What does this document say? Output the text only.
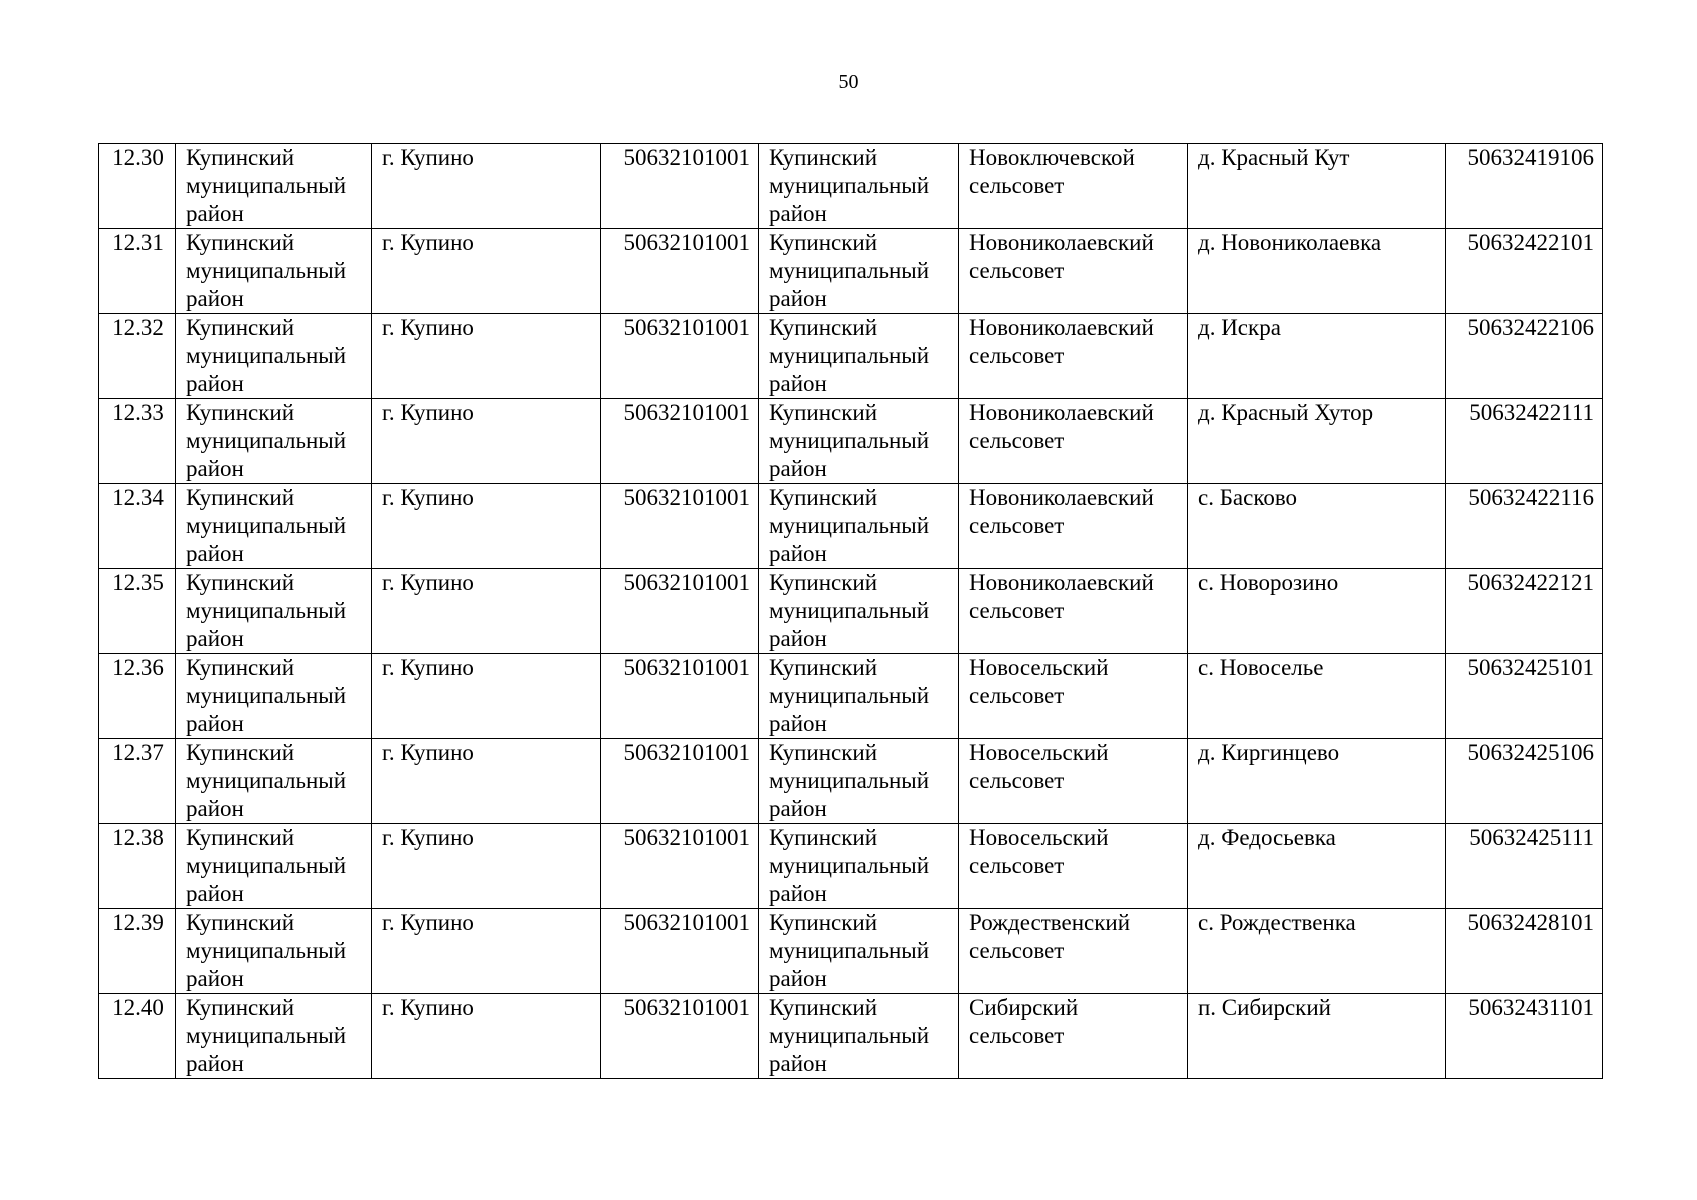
50
12.30	Купинский муниципальный район	г. Купино	50632101001	Купинский муниципальный район	Новоключевской сельсовет	д. Красный Кут	50632419106
12.31	Купинский муниципальный район	г. Купино	50632101001	Купинский муниципальный район	Новониколаевский сельсовет	д. Новониколаевка	50632422101
12.32	Купинский муниципальный район	г. Купино	50632101001	Купинский муниципальный район	Новониколаевский сельсовет	д. Искра	50632422106
12.33	Купинский муниципальный район	г. Купино	50632101001	Купинский муниципальный район	Новониколаевский сельсовет	д. Красный Хутор	50632422111
12.34	Купинский муниципальный район	г. Купино	50632101001	Купинский муниципальный район	Новониколаевский сельсовет	с. Басково	50632422116
12.35	Купинский муниципальный район	г. Купино	50632101001	Купинский муниципальный район	Новониколаевский сельсовет	с. Новорозино	50632422121
12.36	Купинский муниципальный район	г. Купино	50632101001	Купинский муниципальный район	Новосельский сельсовет	с. Новоселье	50632425101
12.37	Купинский муниципальный район	г. Купино	50632101001	Купинский муниципальный район	Новосельский сельсовет	д. Киргинцево	50632425106
12.38	Купинский муниципальный район	г. Купино	50632101001	Купинский муниципальный район	Новосельский сельсовет	д. Федосьевка	50632425111
12.39	Купинский муниципальный район	г. Купино	50632101001	Купинский муниципальный район	Рождественский сельсовет	с. Рождественка	50632428101
12.40	Купинский муниципальный район	г. Купино	50632101001	Купинский муниципальный район	Сибирский сельсовет	п. Сибирский	50632431101
